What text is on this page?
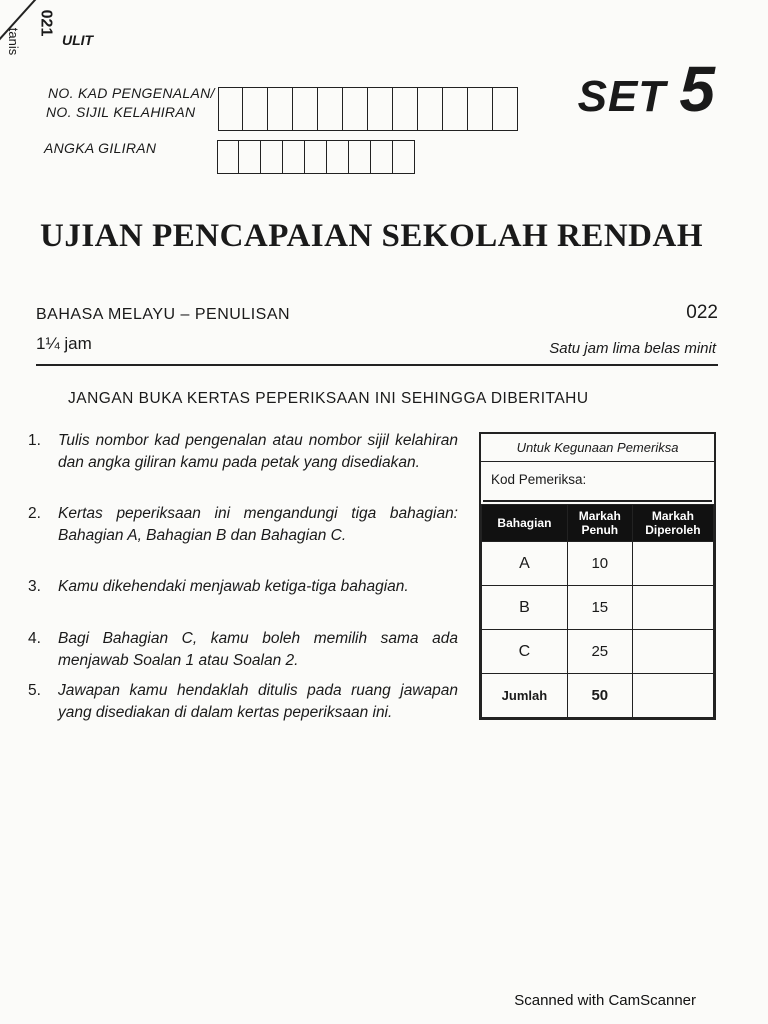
021
tanis	ULIT
NO. KAD PENGENALAN/
NO. SIJIL KELAHIRAN
ANGKA GILIRAN
SET 5
UJIAN PENCAPAIAN SEKOLAH RENDAH
BAHASA MELAYU – PENULISAN	022
1¼ jam	Satu jam lima belas minit
JANGAN BUKA KERTAS PEPERIKSAAN INI SEHINGGA DIBERITAHU
1.	Tulis nombor kad pengenalan atau nombor sijil kelahiran dan angka giliran kamu pada petak yang disediakan.
2.	Kertas peperiksaan ini mengandungi tiga bahagian: Bahagian A, Bahagian B dan Bahagian C.
3.	Kamu dikehendaki menjawab ketiga-tiga bahagian.
4.	Bagi Bahagian C, kamu boleh memilih sama ada menjawab Soalan 1 atau Soalan 2.
5.	Jawapan kamu hendaklah ditulis pada ruang jawapan yang disediakan di dalam kertas peperiksaan ini.
Untuk Kegunaan Pemeriksa
Kod Pemeriksa:
Bahagian	Markah Penuh	Markah Diperoleh
A	10	
B	15	
C	25	
Jumlah	50	
Scanned with CamScanner
